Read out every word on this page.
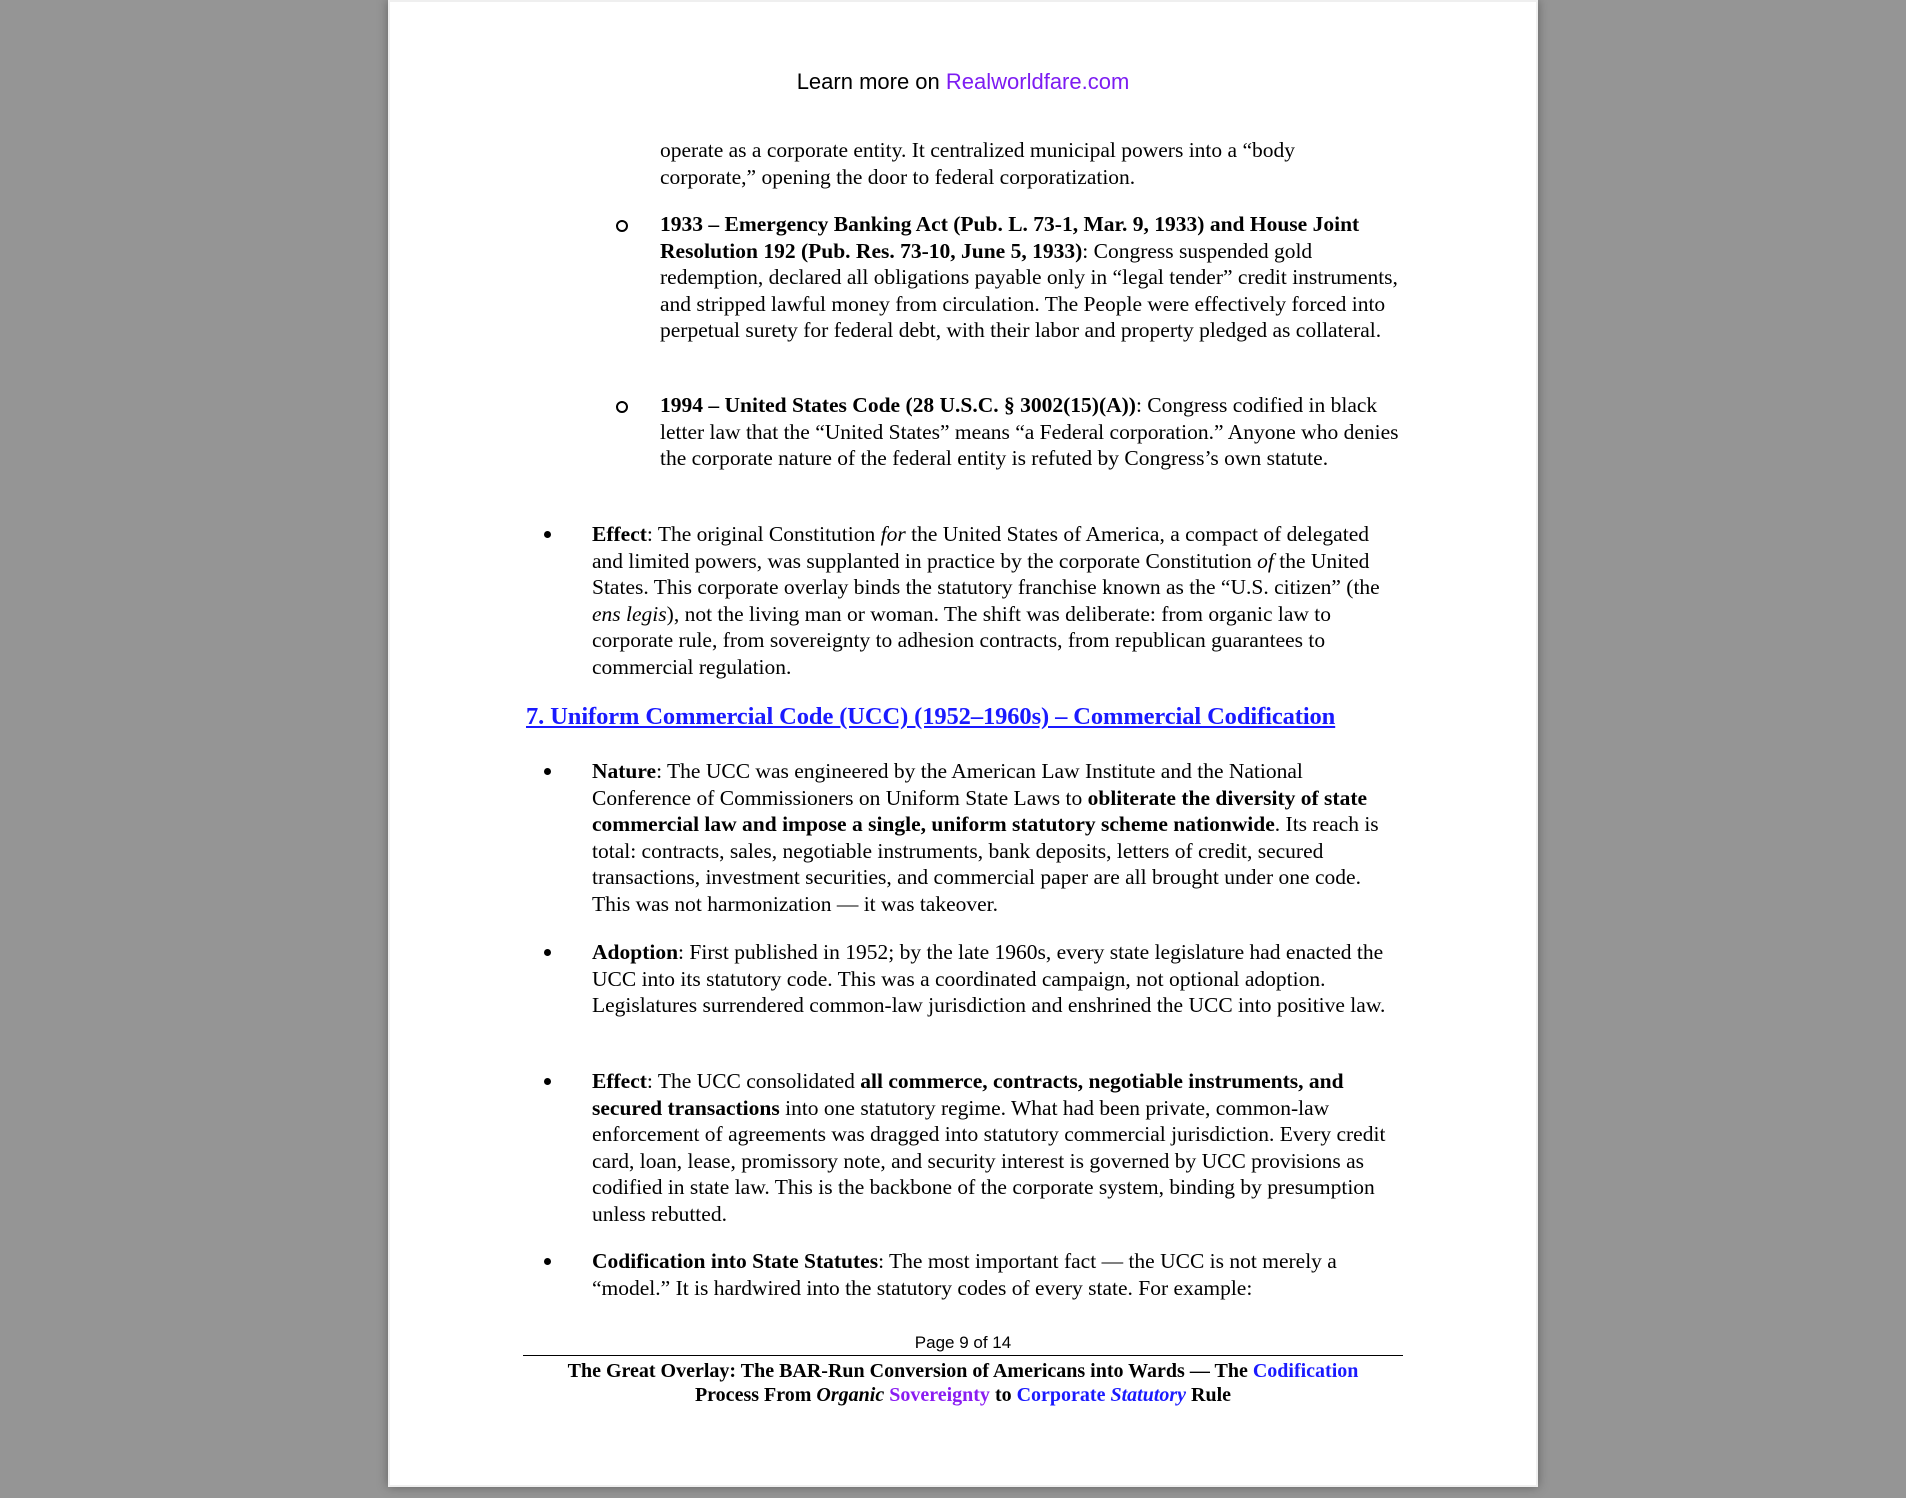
Learn more on Realworldfare.com

operate as a corporate entity. It centralized municipal powers into a “body
corporate,” opening the door to federal corporatization.

1933 – Emergency Banking Act (Pub. L. 73-1, Mar. 9, 1933) and House Joint Resolution 192 (Pub. Res. 73-10, June 5, 1933): Congress suspended gold redemption, declared all obligations payable only in “legal tender” credit instruments, and stripped lawful money from circulation. The People were effectively forced into perpetual surety for federal debt, with their labor and property pledged as collateral.
1994 – United States Code (28 U.S.C. § 3002(15)(A)): Congress codified in black letter law that the “United States” means “a Federal corporation.” Anyone who denies the corporate nature of the federal entity is refuted by Congress’s own statute.
Effect: The original Constitution for the United States of America, a compact of delegated and limited powers, was supplanted in practice by the corporate Constitution of the United States. This corporate overlay binds the statutory franchise known as the “U.S. citizen” (the ens legis), not the living man or woman. The shift was deliberate: from organic law to corporate rule, from sovereignty to adhesion contracts, from republican guarantees to commercial regulation.
7. Uniform Commercial Code (UCC) (1952–1960s) – Commercial Codification
Nature: The UCC was engineered by the American Law Institute and the National Conference of Commissioners on Uniform State Laws to obliterate the diversity of state commercial law and impose a single, uniform statutory scheme nationwide. Its reach is total: contracts, sales, negotiable instruments, bank deposits, letters of credit, secured transactions, investment securities, and commercial paper are all brought under one code. This was not harmonization — it was takeover.
Adoption: First published in 1952; by the late 1960s, every state legislature had enacted the UCC into its statutory code. This was a coordinated campaign, not optional adoption. Legislatures surrendered common-law jurisdiction and enshrined the UCC into positive law.
Effect: The UCC consolidated all commerce, contracts, negotiable instruments, and secured transactions into one statutory regime. What had been private, common-law enforcement of agreements was dragged into statutory commercial jurisdiction. Every credit card, loan, lease, promissory note, and security interest is governed by UCC provisions as codified in state law. This is the backbone of the corporate system, binding by presumption unless rebutted.
Codification into State Statutes: The most important fact — the UCC is not merely a “model.” It is hardwired into the statutory codes of every state. For example:
Page 9 of 14
The Great Overlay: The BAR-Run Conversion of Americans into Wards — The Codification
Process From Organic Sovereignty to Corporate Statutory Rule
